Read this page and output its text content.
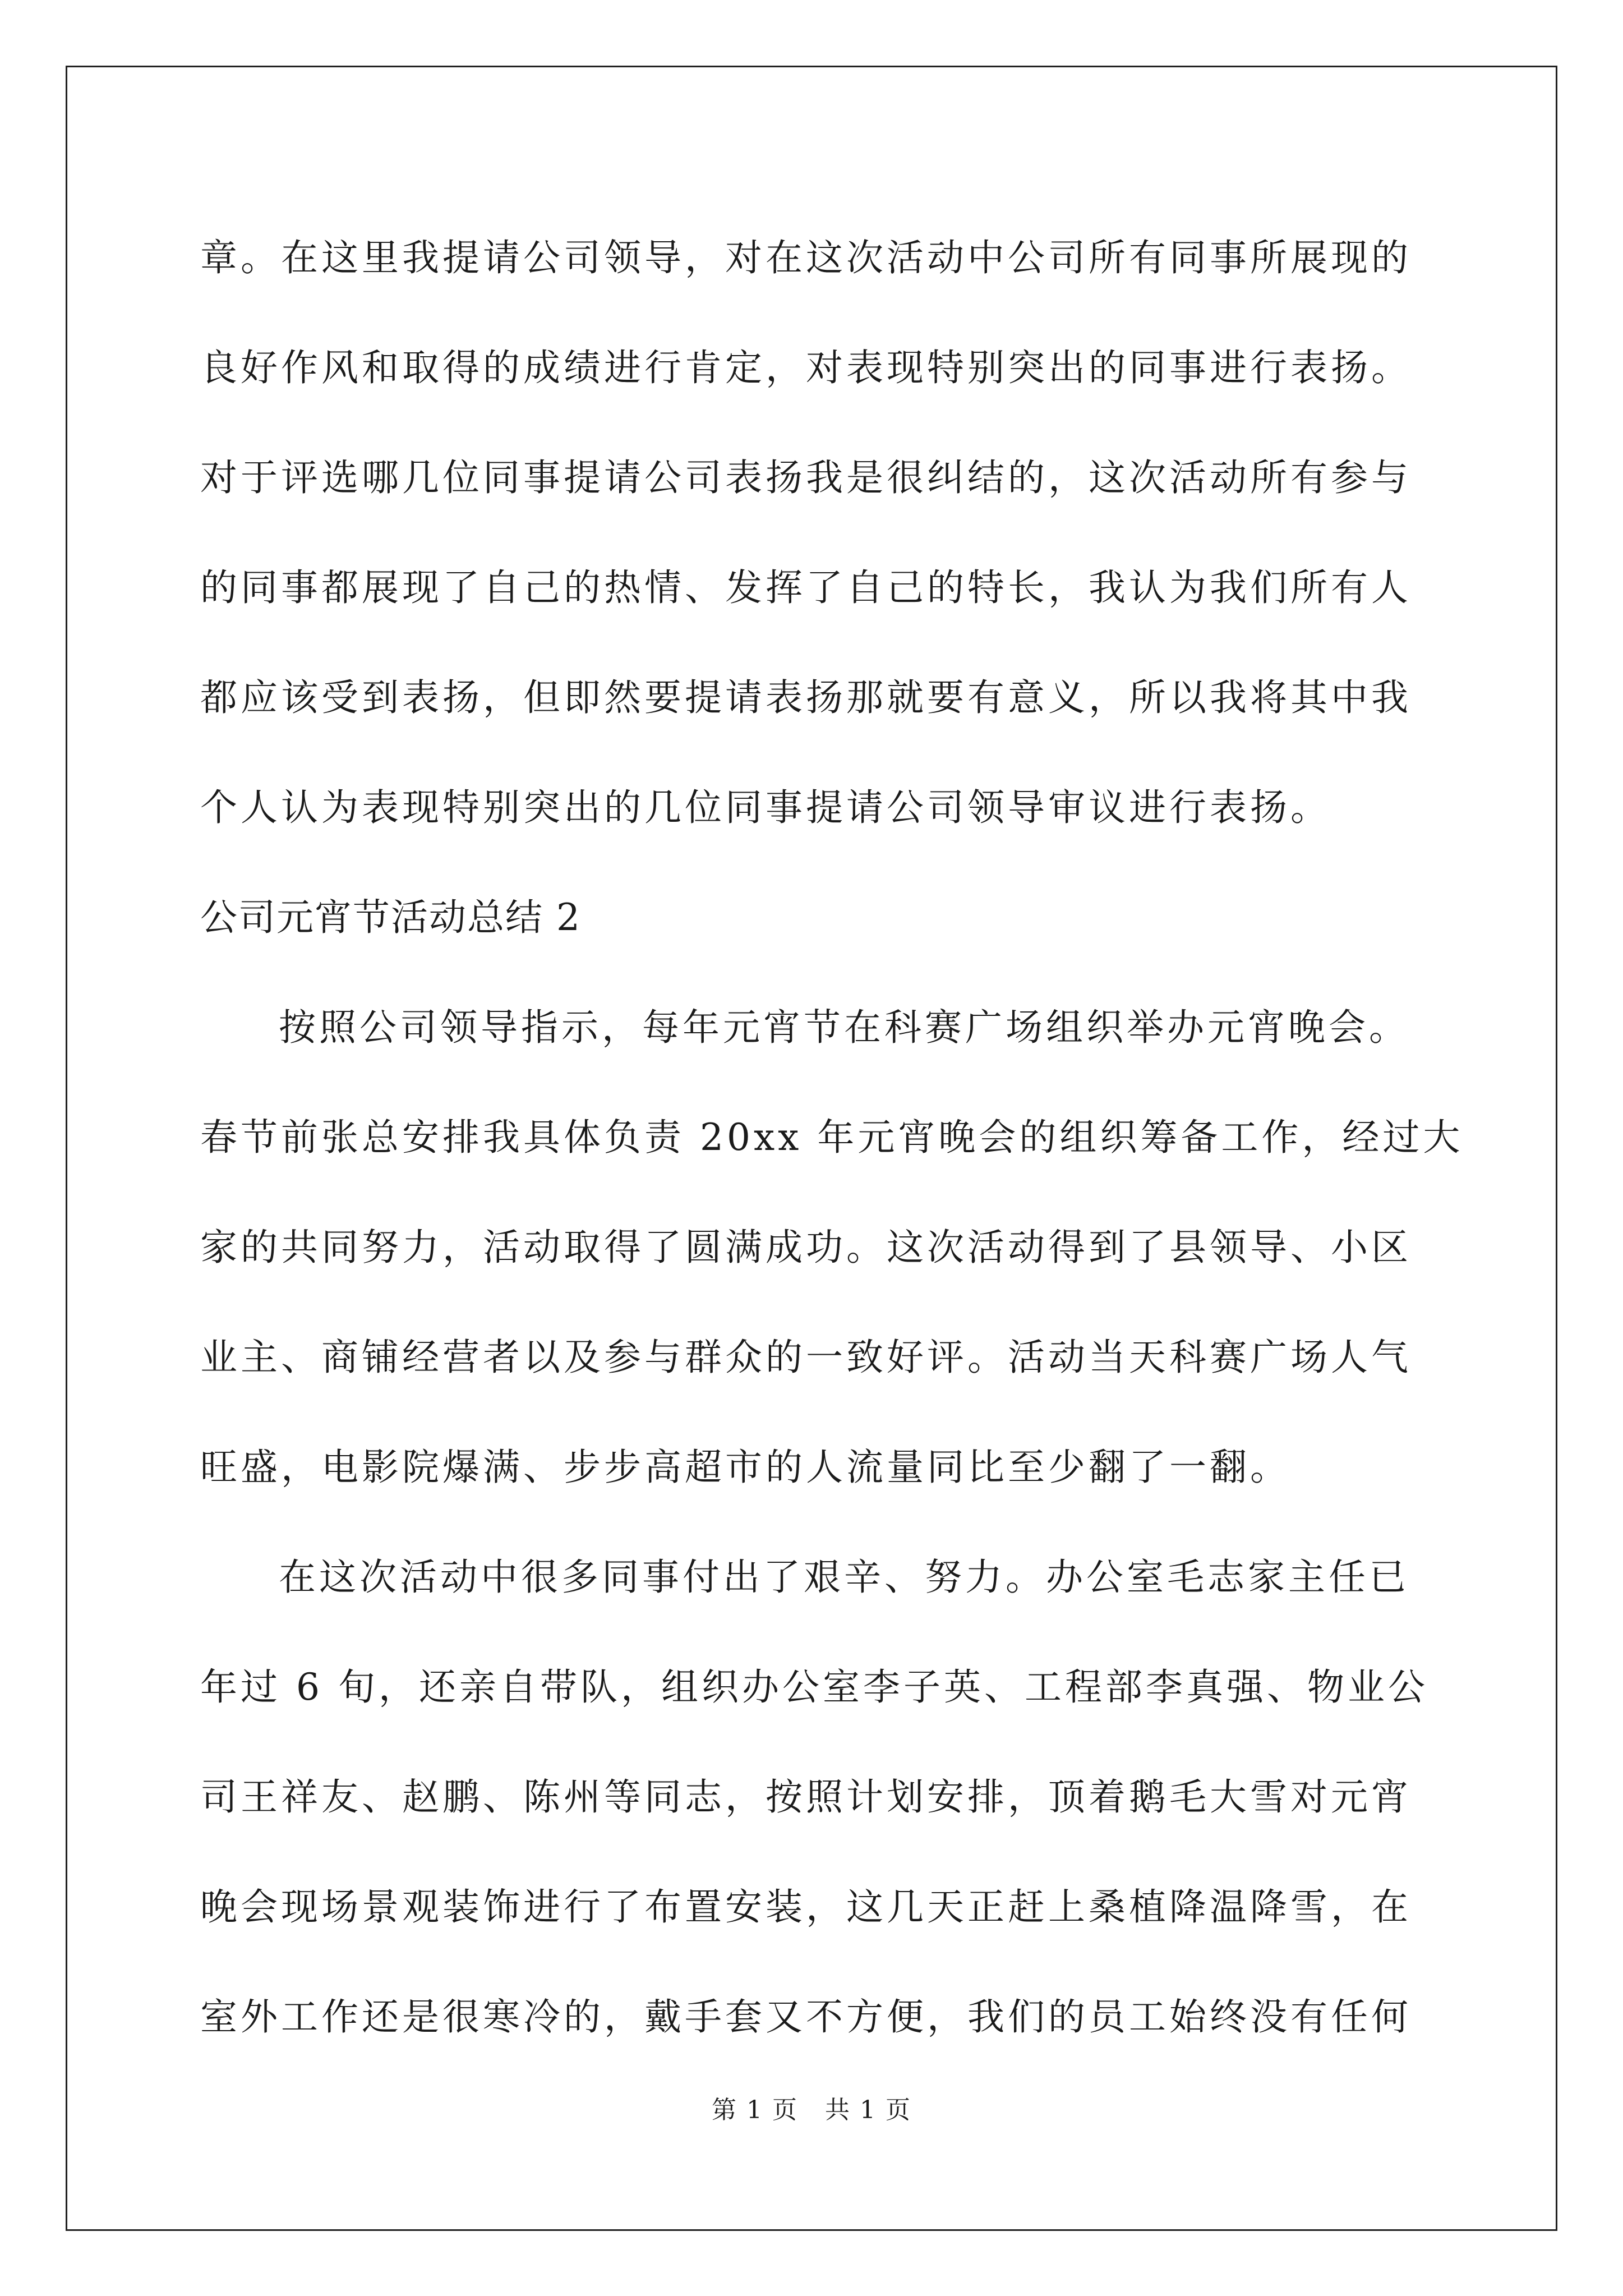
章。在这里我提请公司领导，对在这次活动中公司所有同事所展现的

良好作风和取得的成绩进行肯定，对表现特别突出的同事进行表扬。

对于评选哪几位同事提请公司表扬我是很纠结的，这次活动所有参与

的同事都展现了自己的热情、发挥了自己的特长，我认为我们所有人

都应该受到表扬，但即然要提请表扬那就要有意义，所以我将其中我

个人认为表现特别突出的几位同事提请公司领导审议进行表扬。

公司元宵节活动总结 2

按照公司领导指示，每年元宵节在科赛广场组织举办元宵晚会。

春节前张总安排我具体负责 20xx 年元宵晚会的组织筹备工作，经过大

家的共同努力，活动取得了圆满成功。这次活动得到了县领导、小区

业主、商铺经营者以及参与群众的一致好评。活动当天科赛广场人气

旺盛，电影院爆满、步步高超市的人流量同比至少翻了一翻。

在这次活动中很多同事付出了艰辛、努力。办公室毛志家主任已

年过 6 旬，还亲自带队，组织办公室李子英、工程部李真强、物业公

司王祥友、赵鹏、陈州等同志，按照计划安排，顶着鹅毛大雪对元宵

晚会现场景观装饰进行了布置安装，这几天正赶上桑植降温降雪，在

室外工作还是很寒冷的，戴手套又不方便，我们的员工始终没有任何

第 1 页 共 1 页
